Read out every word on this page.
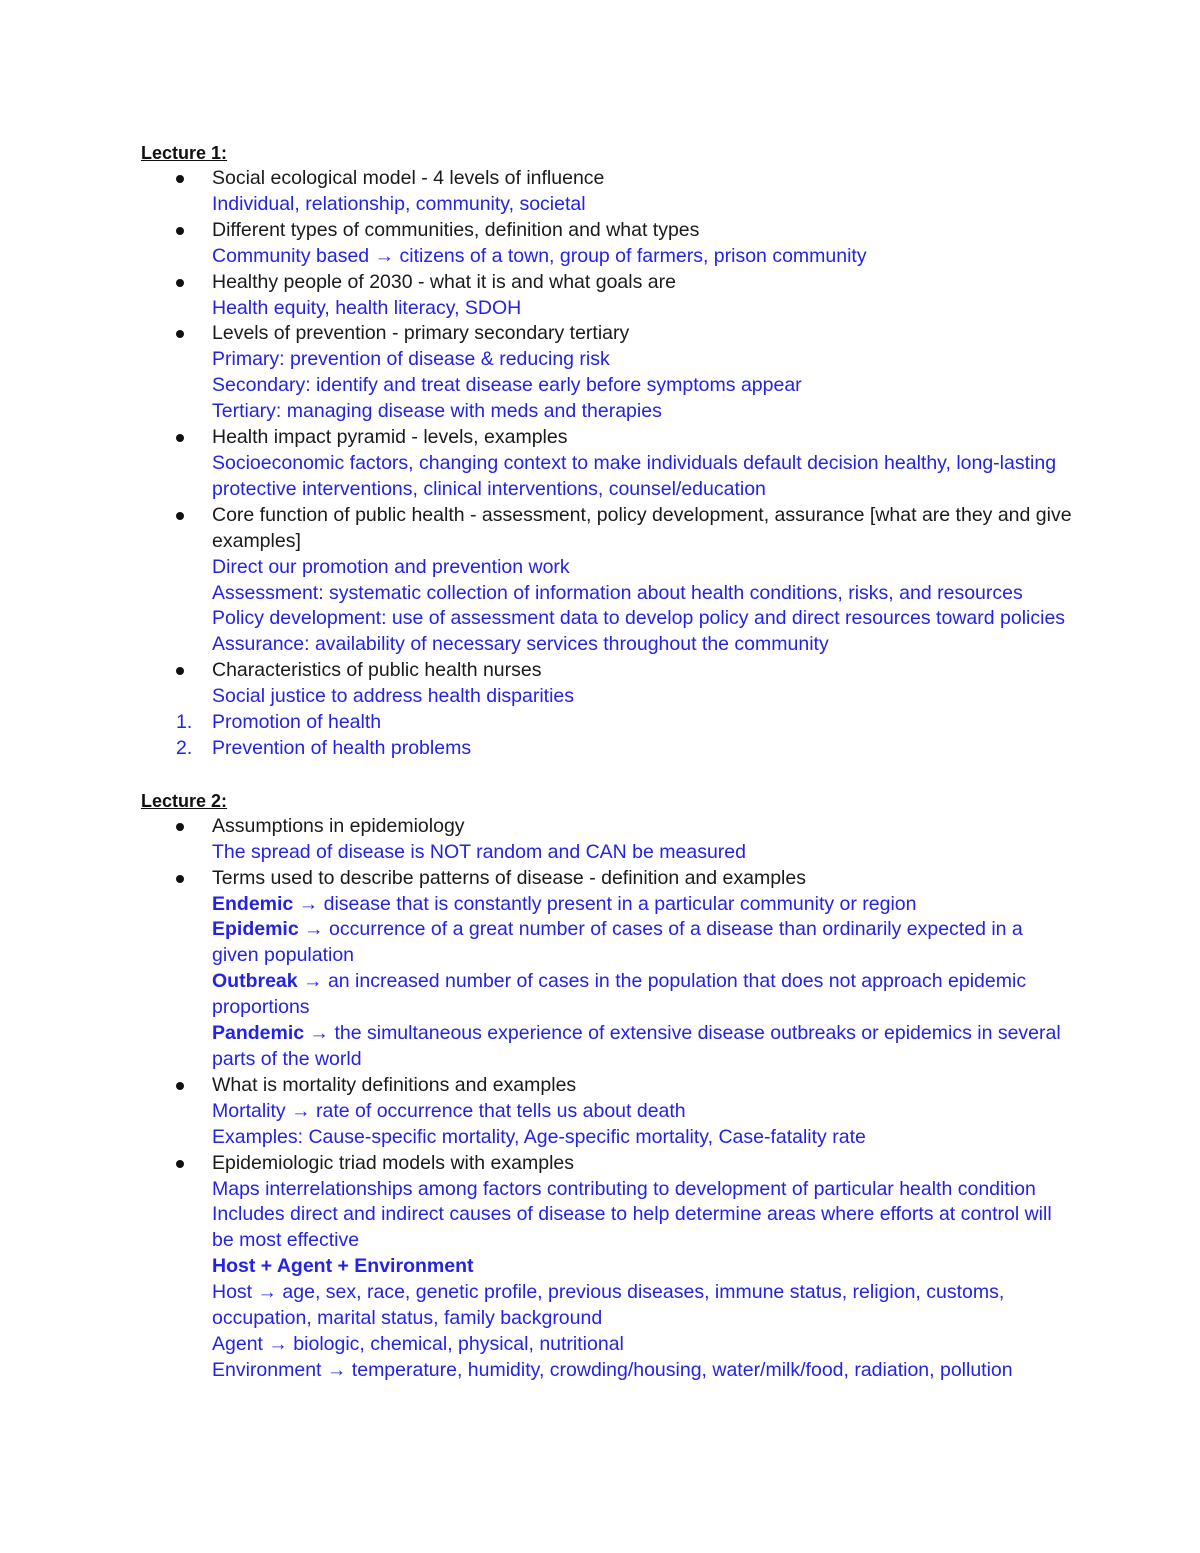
Lecture 1:
Social ecological model - 4 levels of influence
Individual, relationship, community, societal
Different types of communities, definition and what types
Community based → citizens of a town, group of farmers, prison community
Healthy people of 2030 - what it is and what goals are
Health equity, health literacy, SDOH
Levels of prevention - primary secondary tertiary
Primary: prevention of disease & reducing risk
Secondary: identify and treat disease early before symptoms appear
Tertiary: managing disease with meds and therapies
Health impact pyramid - levels, examples
Socioeconomic factors, changing context to make individuals default decision healthy, long-lasting protective interventions, clinical interventions, counsel/education
Core function of public health - assessment, policy development, assurance [what are they and give examples]
Direct our promotion and prevention work
Assessment: systematic collection of information about health conditions, risks, and resources
Policy development: use of assessment data to develop policy and direct resources toward policies
Assurance: availability of necessary services throughout the community
Characteristics of public health nurses
Social justice to address health disparities
1. Promotion of health
2. Prevention of health problems
Lecture 2:
Assumptions in epidemiology
The spread of disease is NOT random and CAN be measured
Terms used to describe patterns of disease - definition and examples
Endemic → disease that is constantly present in a particular community or region
Epidemic → occurrence of a great number of cases of a disease than ordinarily expected in a given population
Outbreak → an increased number of cases in the population that does not approach epidemic proportions
Pandemic → the simultaneous experience of extensive disease outbreaks or epidemics in several parts of the world
What is mortality definitions and examples
Mortality → rate of occurrence that tells us about death
Examples: Cause-specific mortality, Age-specific mortality, Case-fatality rate
Epidemiologic triad models with examples
Maps interrelationships among factors contributing to development of particular health condition
Includes direct and indirect causes of disease to help determine areas where efforts at control will be most effective
Host + Agent + Environment
Host → age, sex, race, genetic profile, previous diseases, immune status, religion, customs, occupation, marital status, family background
Agent → biologic, chemical, physical, nutritional
Environment → temperature, humidity, crowding/housing, water/milk/food, radiation, pollution
